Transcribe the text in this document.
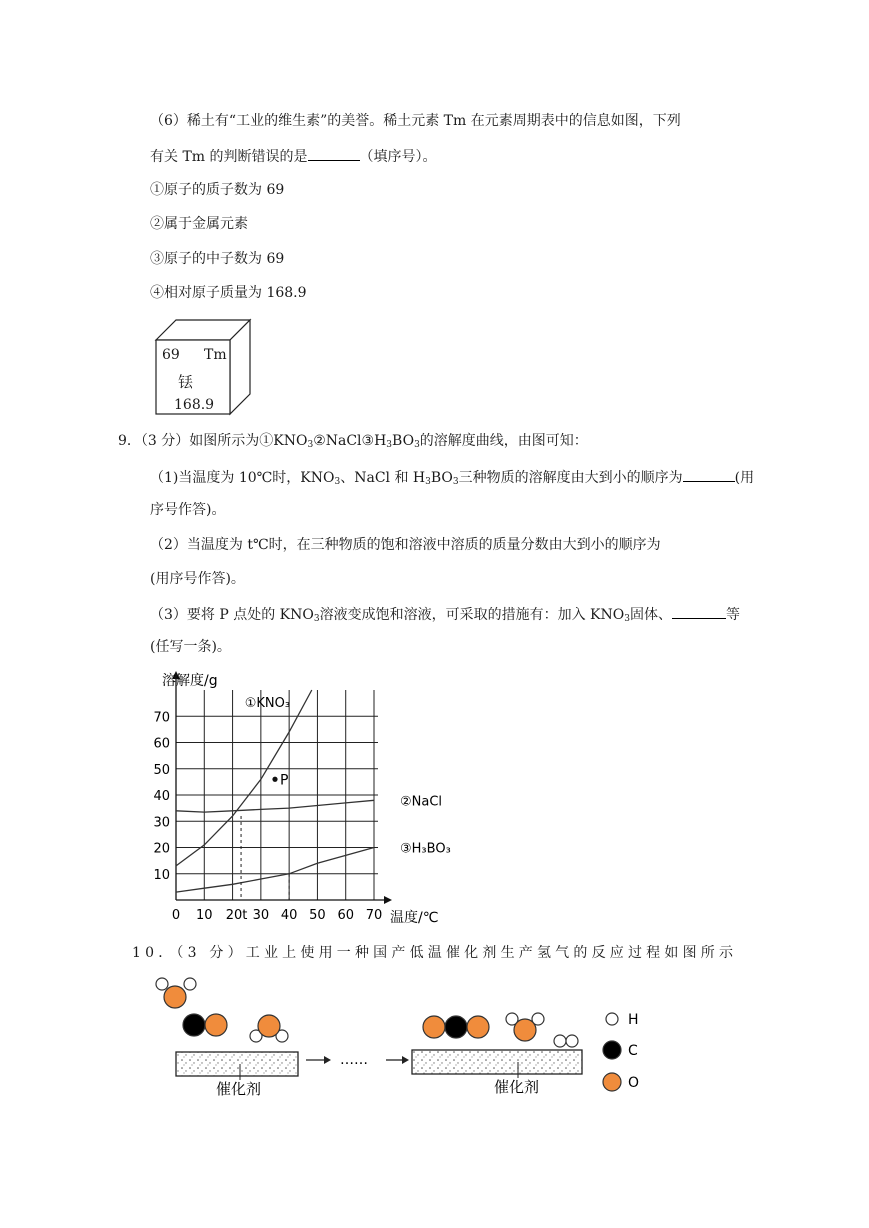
（6）稀土有“工业的维生素”的美誉。稀土元素 Tm 在元素周期表中的信息如图，下列
有关 Tm 的判断错误的是	（填序号）。
①原子的质子数为 69
②属于金属元素
③原子的中子数为 69
④相对原子质量为 168.9
69 Tm
铥
168.9
9．（3 分）如图所示为$①KNO_3②NaCl③H_3BO_3$的溶解度曲线，由图可知：
（1)当温度为 10℃时，$KNO_3$、NaCl 和 $H_3BO_3$三种物质的溶解度由大到小的顺序为	(用
序号作答)。
（2）当温度为 t℃时，在三种物质的饱和溶液中溶质的质量分数由大到小的顺序为
(用序号作答)。
（3）要将 P 点处的 $KNO_3$溶液变成饱和溶液，可采取的措施有：加入 $KNO_3$固体、	等
(任写一条)。
10
20
30
40
50
60
70
0 10 20t 30 40 50 60 70
溶解度/g
温度/℃
①KNO₃
②NaCl
③H₃BO₃
P
10．（3 分）工业上使用一种国产低温催化剂生产氢气的反应过程如图所示
催化剂	催化剂
……
H
C
O
